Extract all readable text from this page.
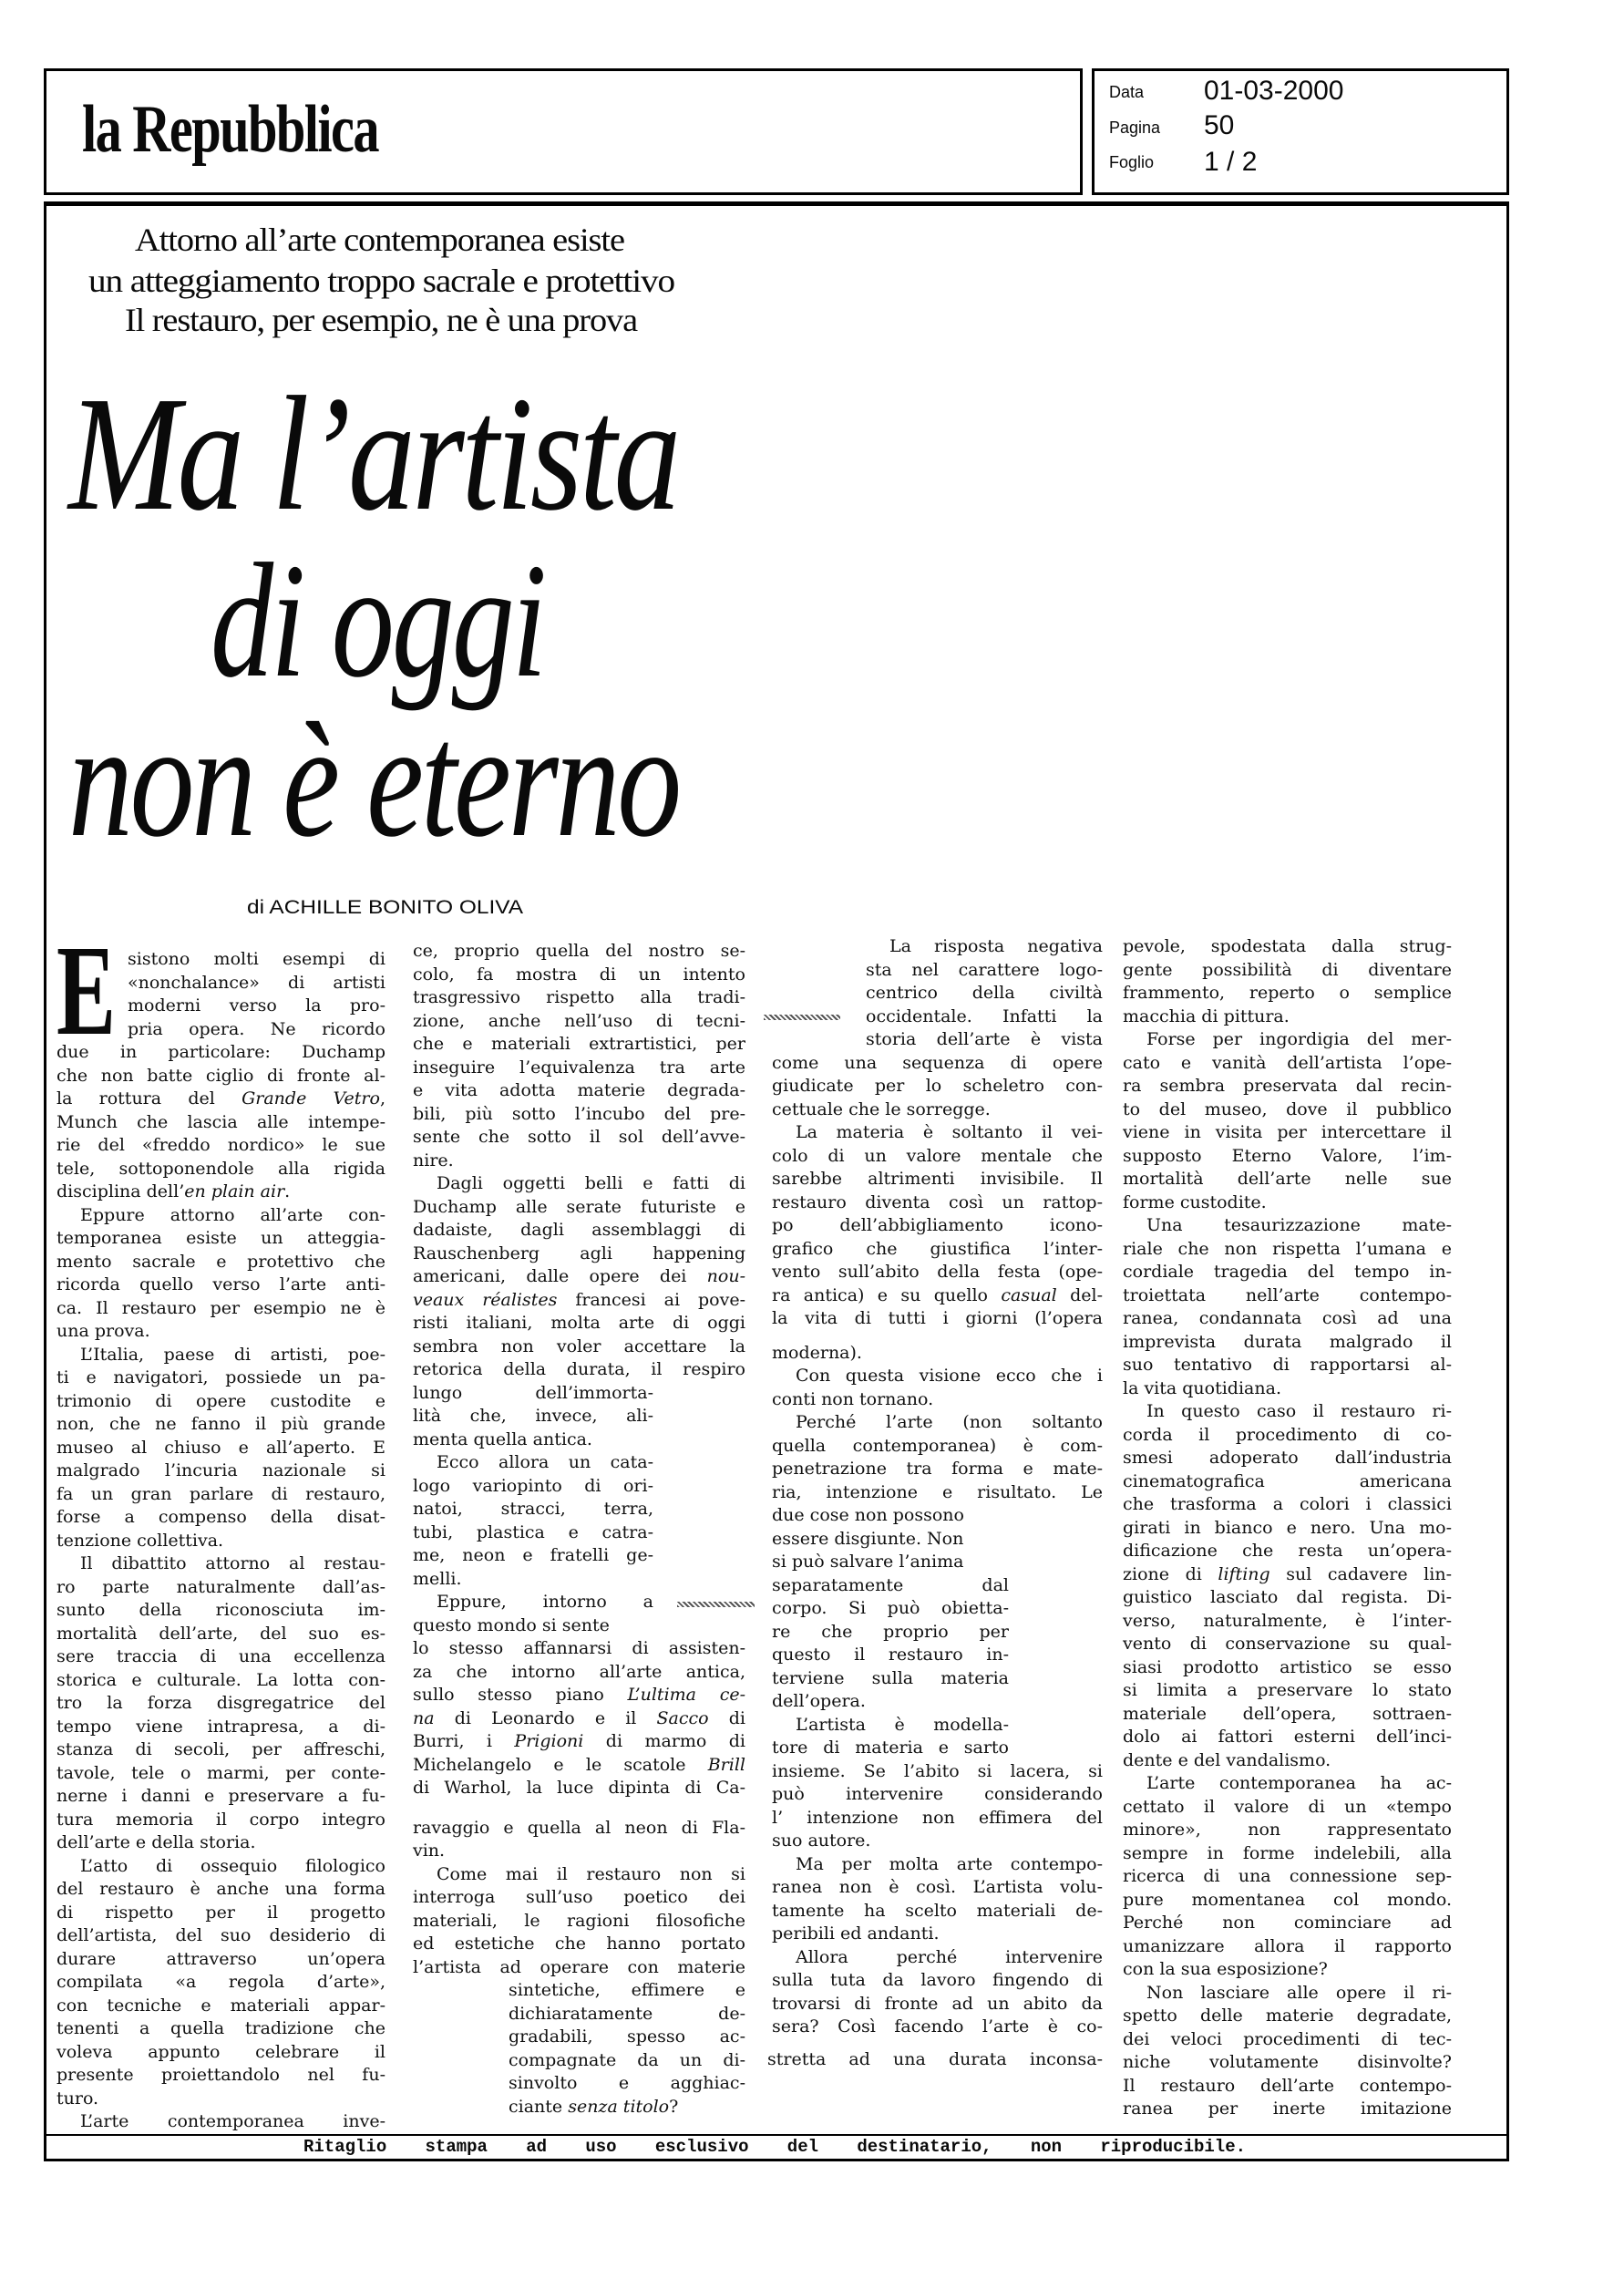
la Repubblica	Data 01-03-2000
Pagina 50
Foglio 1 / 2
Attorno all’arte contemporanea esiste
un atteggiamento troppo sacrale e protettivo
Il restauro, per esempio, ne è una prova
Ma l’artista
di oggi
non è eterno
di ACHILLE BONITO OLIVA
E sistono molti esempi di
«nonchalance» di artisti
moderni verso la pro-
pria opera. Ne ricordo
due in particolare: Duchamp
che non batte ciglio di fronte al-
la rottura del Grande Vetro,
Munch che lascia alle intempe-
rie del «freddo nordico» le sue
tele, sottoponendole alla rigida
disciplina dell’en plain air.
Eppure attorno all’arte con-
temporanea esiste un atteggia-
mento sacrale e protettivo che
ricorda quello verso l’arte anti-
ca. Il restauro per esempio ne è
una prova.
L’Italia, paese di artisti, poe-
ti e navigatori, possiede un pa-
trimonio di opere custodite e
non, che ne fanno il più grande
museo al chiuso e all’aperto. E
malgrado l’incuria nazionale si
fa un gran parlare di restauro,
forse a compenso della disat-
tenzione collettiva.
Il dibattito attorno al restau-
ro parte naturalmente dall’as-
sunto della riconosciuta im-
mortalità dell’arte, del suo es-
sere traccia di una eccellenza
storica e culturale. La lotta con-
tro la forza disgregatrice del
tempo viene intrapresa, a di-
stanza di secoli, per affreschi,
tavole, tele o marmi, per conte-
nerne i danni e preservare a fu-
tura memoria il corpo integro
dell’arte e della storia.
L’atto di ossequio filologico
del restauro è anche una forma
di rispetto per il progetto
dell’artista, del suo desiderio di
durare attraverso un’opera
compilata «a regola d’arte»,
con tecniche e materiali appar-
tenenti a quella tradizione che
voleva appunto celebrare il
presente proiettandolo nel fu-
turo.
L’arte contemporanea inve-
ce, proprio quella del nostro se-
colo, fa mostra di un intento
trasgressivo rispetto alla tradi-
zione, anche nell’uso di tecni-
che e materiali extrartistici, per
inseguire l’equivalenza tra arte
e vita adotta materie degrada-
bili, più sotto l’incubo del pre-
sente che sotto il sol dell’avve-
nire.
Dagli oggetti belli e fatti di
Duchamp alle serate futuriste e
dadaiste, dagli assemblaggi di
Rauschenberg agli happening
americani, dalle opere dei nou-
veaux réalistes francesi ai pove-
risti italiani, molta arte di oggi
sembra non voler accettare la
retorica della durata, il respiro
lungo dell’immorta-
lità che, invece, ali-
menta quella antica.
Ecco allora un cata-
logo variopinto di ori-
natoi, stracci, terra,
tubi, plastica e catra-
me, neon e fratelli ge-
melli.
Eppure, intorno a
questo mondo si sente
lo stesso affannarsi di assisten-
za che intorno all’arte antica,
sullo stesso piano L’ultima ce-
na di Leonardo e il Sacco di
Burri, i Prigioni di marmo di
Michelangelo e le scatole Brill
di Warhol, la luce dipinta di Ca-
ravaggio e quella al neon di Fla-
vin.
Come mai il restauro non si
interroga sull’uso poetico dei
materiali, le ragioni filosofiche
ed estetiche che hanno portato
l’artista ad operare con materie
sintetiche, effimere e
dichiaratamente de-
gradabili, spesso ac-
compagnate da un di-
sinvolto e agghiac-
ciante senza titolo?
La risposta negativa
sta nel carattere logo-
centrico della civiltà
occidentale. Infatti la
storia dell’arte è vista
come una sequenza di opere
giudicate per lo scheletro con-
cettuale che le sorregge.
La materia è soltanto il vei-
colo di un valore mentale che
sarebbe altrimenti invisibile. Il
restauro diventa così un rattop-
po dell’abbigliamento icono-
grafico che giustifica l’inter-
vento sull’abito della festa (ope-
ra antica) e su quello casual del-
la vita di tutti i giorni (l’opera
moderna).
Con questa visione ecco che i
conti non tornano.
Perché l’arte (non soltanto
quella contemporanea) è com-
penetrazione tra forma e mate-
ria, intenzione e risultato. Le
due cose non possono
essere disgiunte. Non
si può salvare l’anima
separatamente dal
corpo. Si può obietta-
re che proprio per
questo il restauro in-
terviene sulla materia
dell’opera.
L’artista è modella-
tore di materia e sarto
insieme. Se l’abito si lacera, si
può intervenire considerando
l’ intenzione non effimera del
suo autore.
Ma per molta arte contempo-
ranea non è così. L’artista volu-
tamente ha scelto materiali de-
peribili ed andanti.
Allora perché intervenire
sulla tuta da lavoro fingendo di
trovarsi di fronte ad un abito da
sera? Così facendo l’arte è co-
stretta ad una durata inconsa-
pevole, spodestata dalla strug-
gente possibilità di diventare
frammento, reperto o semplice
macchia di pittura.
Forse per ingordigia del mer-
cato e vanità dell’artista l’ope-
ra sembra preservata dal recin-
to del museo, dove il pubblico
viene in visita per intercettare il
supposto Eterno Valore, l’im-
mortalità dell’arte nelle sue
forme custodite.
Una tesaurizzazione mate-
riale che non rispetta l’umana e
cordiale tragedia del tempo in-
troiettata nell’arte contempo-
ranea, condannata così ad una
imprevista durata malgrado il
suo tentativo di rapportarsi al-
la vita quotidiana.
In questo caso il restauro ri-
corda il procedimento di co-
smesi adoperato dall’industria
cinematografica americana
che trasforma a colori i classici
girati in bianco e nero. Una mo-
dificazione che resta un’opera-
zione di lifting sul cadavere lin-
guistico lasciato dal regista. Di-
verso, naturalmente, è l’inter-
vento di conservazione su qual-
siasi prodotto artistico se esso
si limita a preservare lo stato
materiale dell’opera, sottraen-
dolo ai fattori esterni dell’inci-
dente e del vandalismo.
L’arte contemporanea ha ac-
cettato il valore di un «tempo
minore», non rappresentato
sempre in forme indelebili, alla
ricerca di una connessione sep-
pure momentanea col mondo.
Perché non cominciare ad
umanizzare allora il rapporto
con la sua esposizione?
Non lasciare alle opere il ri-
spetto delle materie degradate,
dei veloci procedimenti di tec-
niche volutamente disinvolte?
Il restauro dell’arte contempo-
ranea per inerte imitazione
Ritaglio stampa ad uso esclusivo del destinatario, non riproducibile.
